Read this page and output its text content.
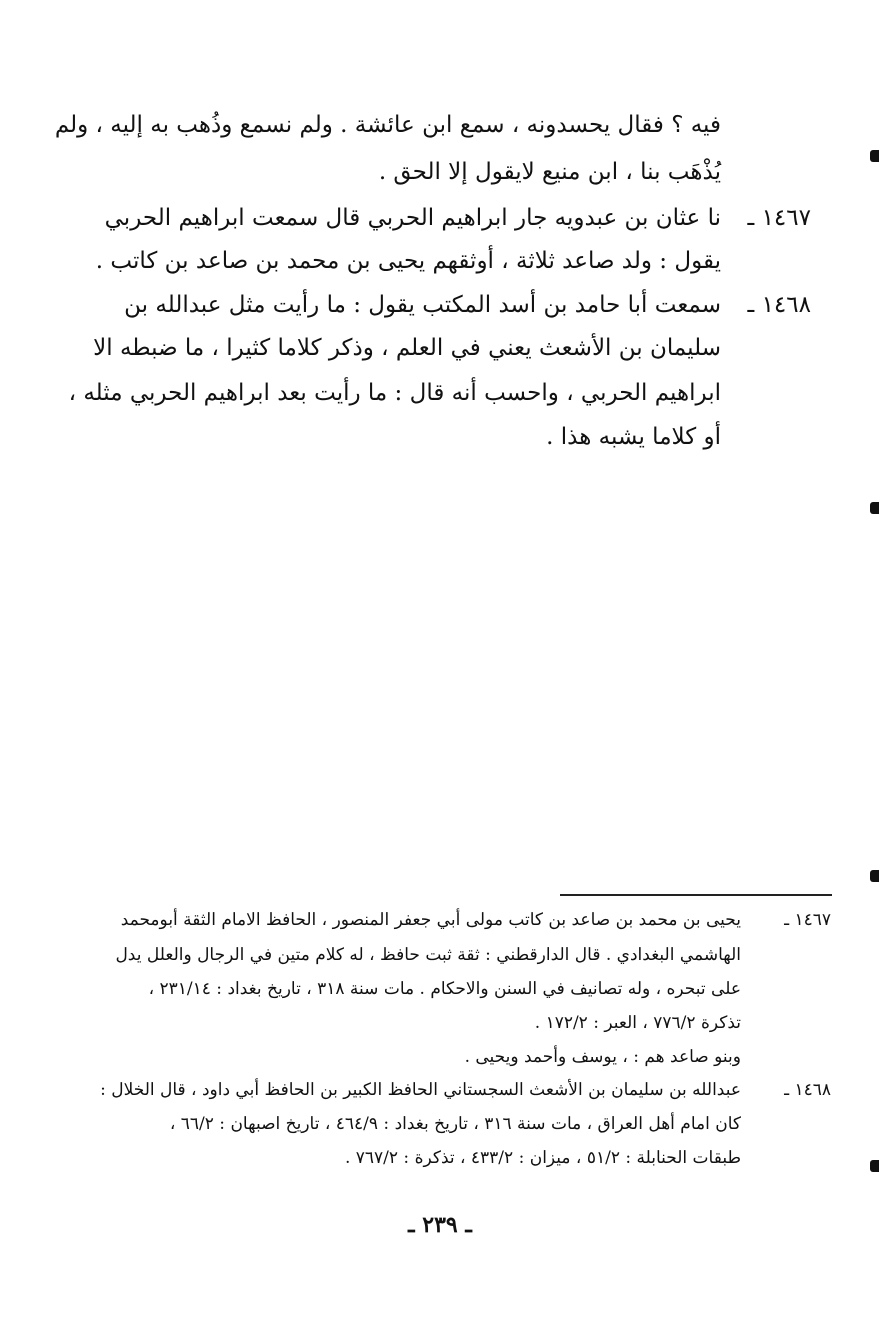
فيه ؟ فقال يحسدونه ، سمع ابن عائشة . ولم نسمع وذُهب به إليه ، ولم
يُذْهَب بنا ، ابن منيع لايقول إلا الحق .
١٤٦٧ ـ
نا عثان بن عبدويه جار ابراهيم الحربي قال سمعت ابراهيم الحربي
يقول : ولد صاعد ثلاثة ، أوثقهم يحيى بن محمد بن صاعد بن كاتب .
١٤٦٨ ـ
سمعت أبا حامد بن أسد المكتب يقول : ما رأيت مثل عبدالله بن
سليمان بن الأشعث يعني في العلم ، وذكر كلاما كثيرا ، ما ضبطه الا
ابراهيم الحربي ، واحسب أنه قال : ما رأيت بعد ابراهيم الحربي مثله ،
أو كلاما يشبه هذا .
١٤٦٧ ـ
يحيى بن محمد بن صاعد بن كاتب مولى أبي جعفر المنصور ، الحافظ الامام الثقة أبومحمد
الهاشمي البغدادي . قال الدارقطني : ثقة ثبت حافظ ، له كلام متين في الرجال والعلل يدل
على تبحره ، وله تصانيف في السنن والاحكام . مات سنة ٣١٨ ، تاريخ بغداد : ٢٣١/١٤ ،
تذكرة ٧٧٦/٢ ، العبر : ١٧٢/٢ .
وبنو صاعد هم : ، يوسف وأحمد ويحيى .
١٤٦٨ ـ
عبدالله بن سليمان بن الأشعث السجستاني الحافظ الكبير بن الحافظ أبي داود ، قال الخلال :
كان امام أهل العراق ، مات سنة ٣١٦ ، تاريخ بغداد : ٤٦٤/٩ ، تاريخ اصبهان : ٦٦/٢ ،
طبقات الحنابلة : ٥١/٢ ، ميزان : ٤٣٣/٢ ، تذكرة : ٧٦٧/٢ .
ـ ٢٣٩ ـ
